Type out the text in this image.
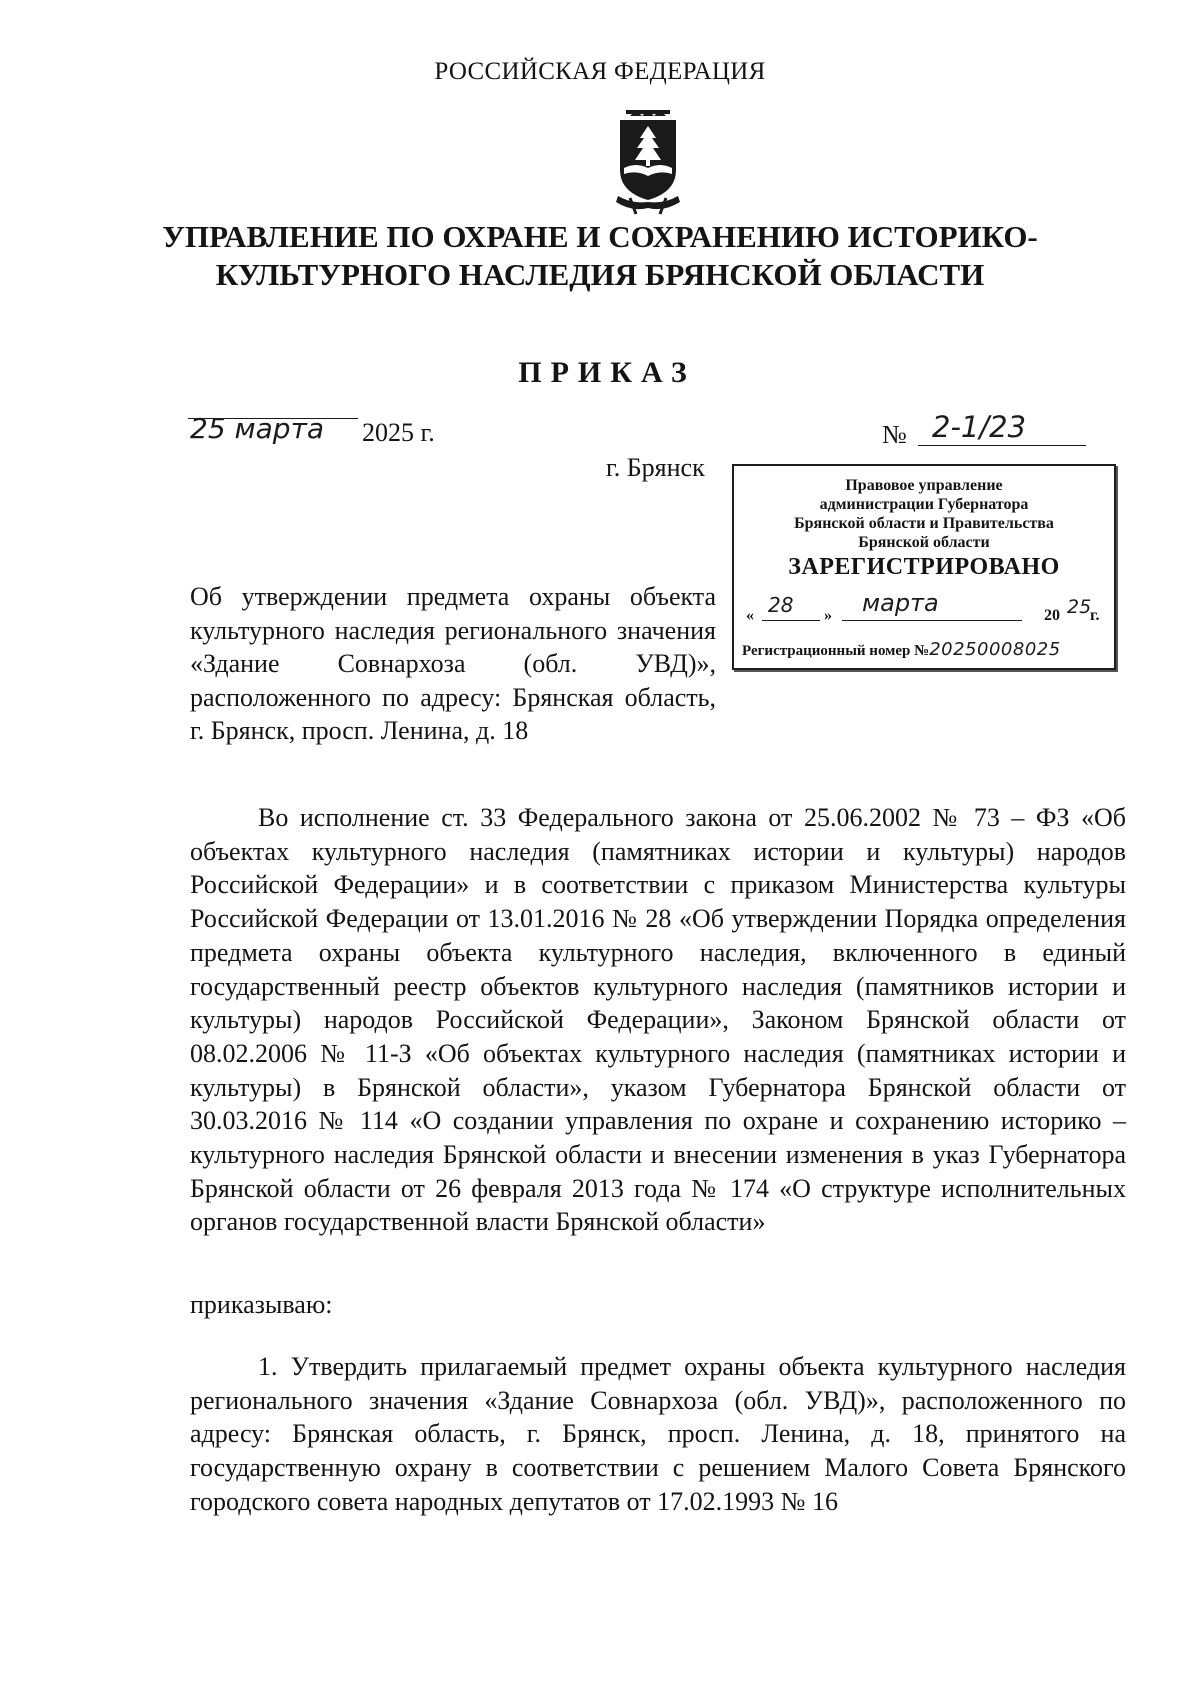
РОССИЙСКАЯ ФЕДЕРАЦИЯ
УПРАВЛЕНИЕ ПО ОХРАНЕ И СОХРАНЕНИЮ ИСТОРИКО-
КУЛЬТУРНОГО НАСЛЕДИЯ БРЯНСКОЙ ОБЛАСТИ
ПРИКАЗ
25 марта 2025 г.	№ 2-1/23
г. Брянск
Правовое управление
администрации Губернатора
Брянской области и Правительства
Брянской области
ЗАРЕГИСТРИРОВАНО
« 28 » марта	20 25
г.
Регистрационный номер №20250008025
Об утверждении предмета охраны объекта культурного наследия регионального значения «Здание Совнархоза (обл. УВД)», расположенного по адресу: Брянская область, г. Брянск, просп. Ленина, д. 18
Во исполнение ст. 33 Федерального закона от 25.06.2002 № 73 – ФЗ «Об объектах культурного наследия (памятниках истории и культуры) народов Российской Федерации» и в соответствии с приказом Министерства культуры Российской Федерации от 13.01.2016 № 28 «Об утверждении Порядка определения предмета охраны объекта культурного наследия, включенного в единый государственный реестр объектов культурного наследия (памятников истории и культуры) народов Российской Федерации», Законом Брянской области от 08.02.2006 № 11-З «Об объектах культурного наследия (памятниках истории и культуры) в Брянской области», указом Губернатора Брянской области от 30.03.2016 № 114 «О создании управления по охране и сохранению историко – культурного наследия Брянской области и внесении изменения в указ Губернатора Брянской области от 26 февраля 2013 года № 174 «О структуре исполнительных органов государственной власти Брянской области»
приказываю:
1. Утвердить прилагаемый предмет охраны объекта культурного наследия регионального значения «Здание Совнархоза (обл. УВД)», расположенного по адресу: Брянская область, г. Брянск, просп. Ленина, д. 18, принятого на государственную охрану в соответствии с решением Малого Совета Брянского городского совета народных депутатов от 17.02.1993 № 16
